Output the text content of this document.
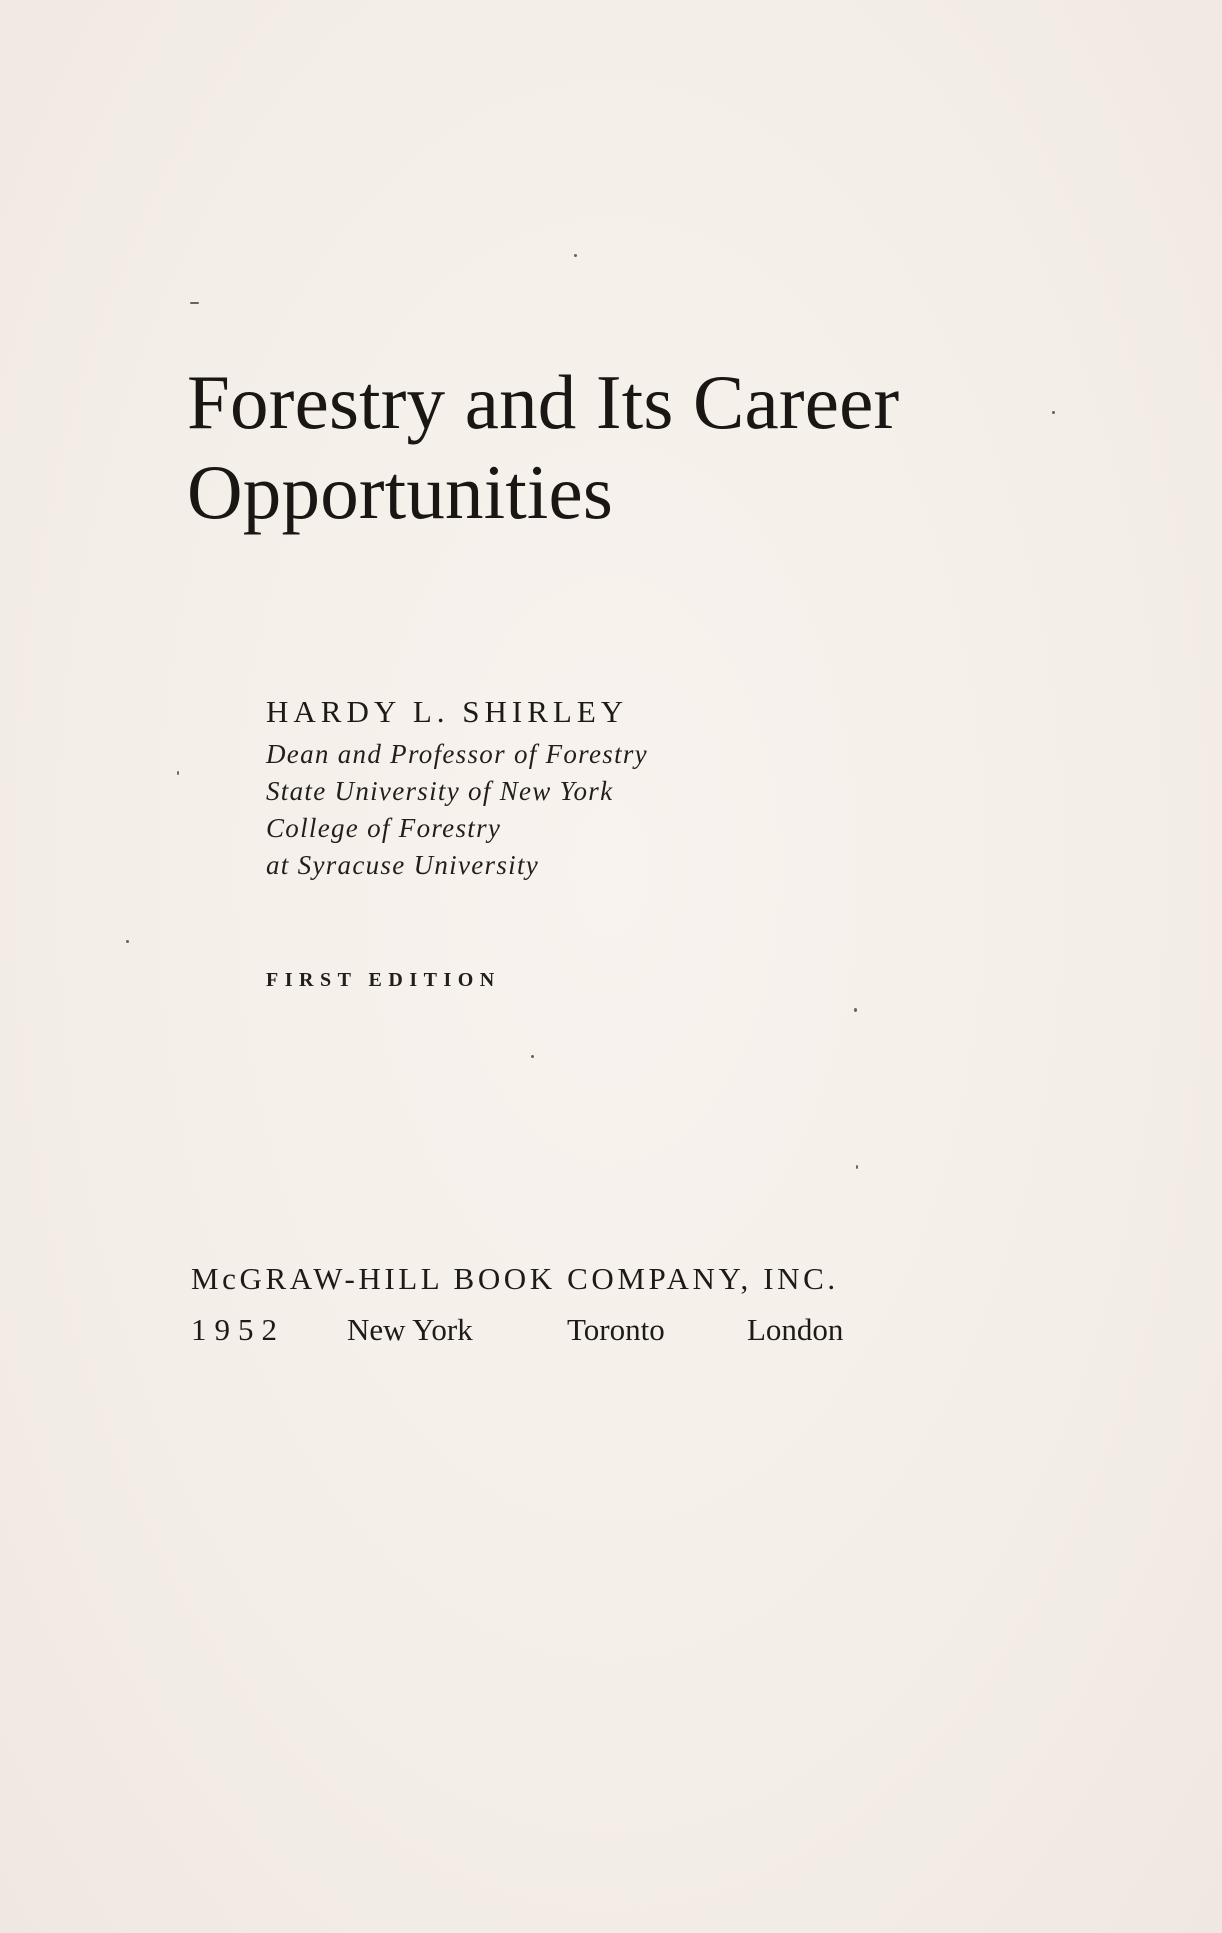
Forestry and Its Career
Opportunities
HARDY L. SHIRLEY
Dean and Professor of Forestry
State University of New York
College of Forestry
at Syracuse University
FIRST EDITION
McGRAW-HILL BOOK COMPANY, INC.
1952 New York	Toronto	London
